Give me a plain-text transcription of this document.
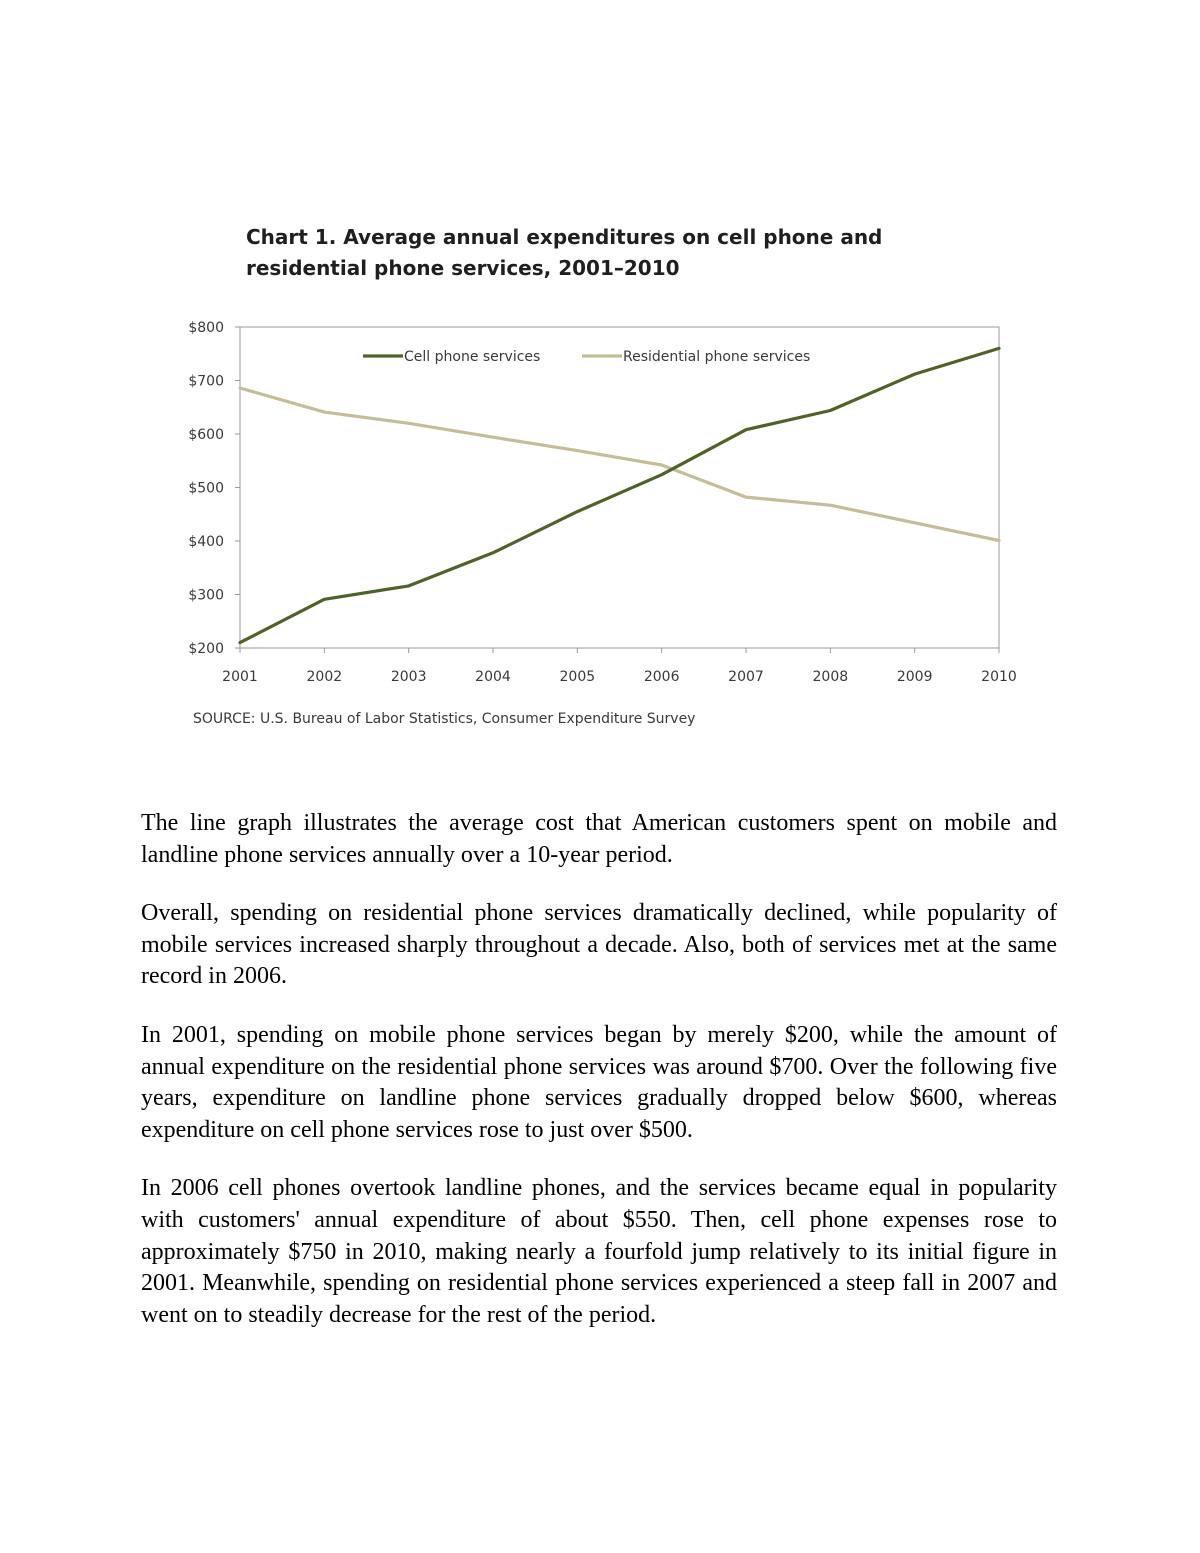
Chart 1. Average annual expenditures on cell phone and residential phone services, 2001–2010
$200
$300
$400
$500
$600
$700
$800
2001	2002	2003	2004	2005	2006	2007	2008	2009	2010
Cell phone services	Residential phone services
SOURCE: U.S. Bureau of Labor Statistics, Consumer Expenditure Survey

The line graph illustrates the average cost that American customers spent on mobile and landline phone services annually over a 10-year period.

Overall, spending on residential phone services dramatically declined, while popularity of mobile services increased sharply throughout a decade. Also, both of services met at the same record in 2006.

In 2001, spending on mobile phone services began by merely $200, while the amount of annual expenditure on the residential phone services was around $700. Over the following five years, expenditure on landline phone services gradually dropped below $600, whereas expenditure on cell phone services rose to just over $500.

In 2006 cell phones overtook landline phones, and the services became equal in popularity with customers' annual expenditure of about $550. Then, cell phone expenses rose to approximately $750 in 2010, making nearly a fourfold jump relatively to its initial figure in 2001. Meanwhile, spending on residential phone services experienced a steep fall in 2007 and went on to steadily decrease for the rest of the period.
